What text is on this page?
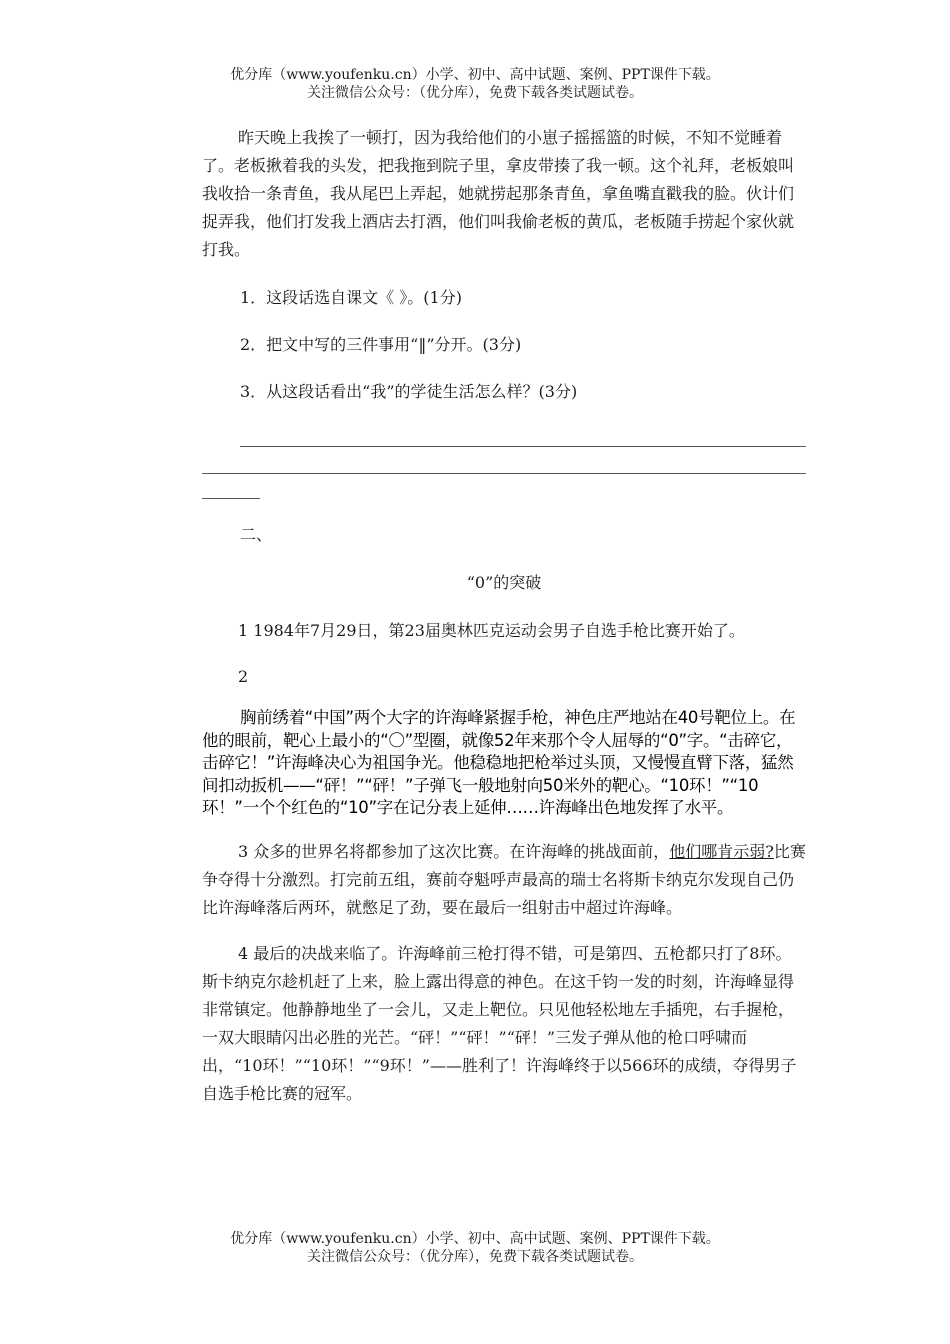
优分库（www.youfenku.cn）小学、初中、高中试题、案例、PPT课件下载。
关注微信公众号：（优分库），免费下载各类试题试卷。

昨天晚上我挨了一顿打，因为我给他们的小崽子摇摇篮的时候，不知不觉睡着了。老板揪着我的头发，把我拖到院子里，拿皮带揍了我一顿。这个礼拜，老板娘叫我收拾一条青鱼，我从尾巴上弄起，她就捞起那条青鱼，拿鱼嘴直戳我的脸。伙计们捉弄我，他们打发我上酒店去打酒，他们叫我偷老板的黄瓜，老板随手捞起个家伙就打我。

1．这段话选自课文《 》。(1分)

2．把文中写的三件事用“‖”分开。(3分)

3．从这段话看出“我”的学徒生活怎么样？(3分)

二、

“0”的突破

1 1984年7月29日，第23届奥林匹克运动会男子自选手枪比赛开始了。

2

胸前绣着“中国”两个大字的许海峰紧握手枪，神色庄严地站在40号靶位上。在他的眼前，靶心上最小的“〇”型圈，就像52年来那个令人屈辱的“0”字。“击碎它，击碎它！”许海峰决心为祖国争光。他稳稳地把枪举过头顶，又慢慢直臂下落，猛然间扣动扳机——“砰！”“砰！”子弹飞一般地射向50米外的靶心。“10环！”“10环！”一个个红色的“10”字在记分表上延伸……许海峰出色地发挥了水平。

3 众多的世界名将都参加了这次比赛。在许海峰的挑战面前，他们哪肯示弱?比赛争夺得十分激烈。打完前五组，赛前夺魁呼声最高的瑞士名将斯卡纳克尔发现自己仍比许海峰落后两环，就憋足了劲，要在最后一组射击中超过许海峰。

4 最后的决战来临了。许海峰前三枪打得不错，可是第四、五枪都只打了8环。斯卡纳克尔趁机赶了上来，脸上露出得意的神色。在这千钧一发的时刻，许海峰显得非常镇定。他静静地坐了一会儿，又走上靶位。只见他轻松地左手插兜，右手握枪，一双大眼睛闪出必胜的光芒。“砰！”“砰！”“砰！”三发子弹从他的枪口呼啸而出，“10环！”“10环！”“9环！”——胜利了！许海峰终于以566环的成绩，夺得男子自选手枪比赛的冠军。

优分库（www.youfenku.cn）小学、初中、高中试题、案例、PPT课件下载。
关注微信公众号：（优分库），免费下载各类试题试卷。
